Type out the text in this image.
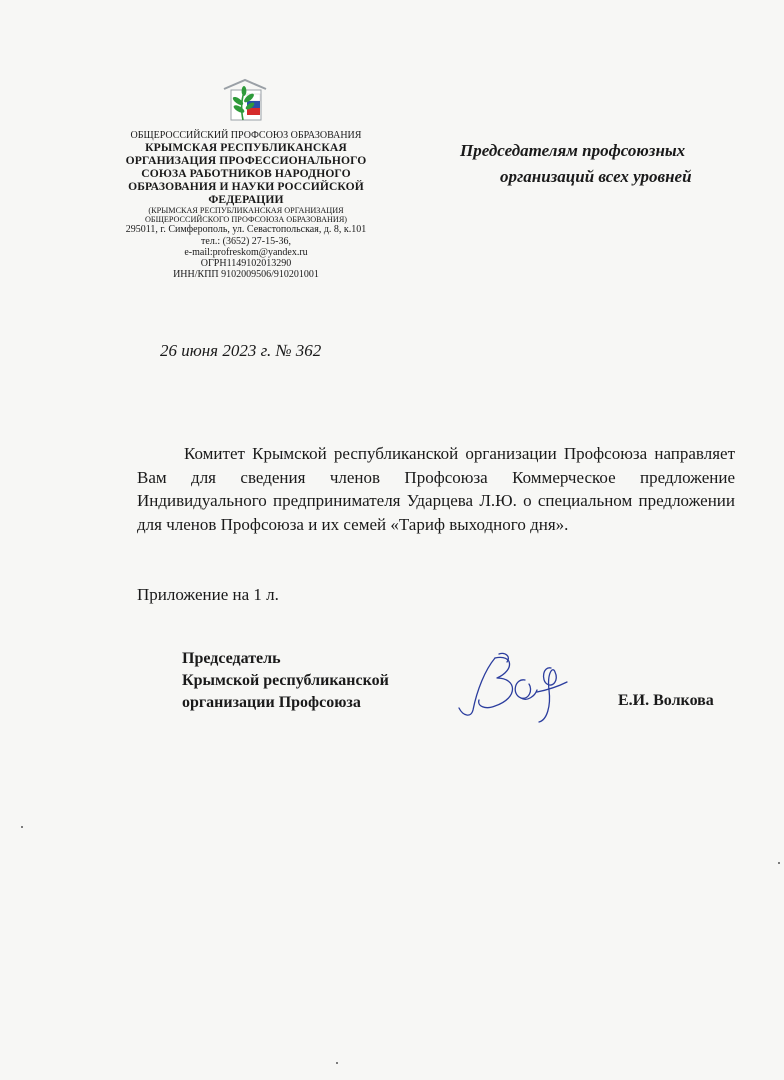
ОБЩЕРОССИЙСКИЙ ПРОФСОЮЗ ОБРАЗОВАНИЯ
КРЫМСКАЯ РЕСПУБЛИКАНСКАЯ
ОРГАНИЗАЦИЯ ПРОФЕССИОНАЛЬНОГО
СОЮЗА РАБОТНИКОВ НАРОДНОГО
ОБРАЗОВАНИЯ И НАУКИ РОССИЙСКОЙ
ФЕДЕРАЦИИ
(КРЫМСКАЯ РЕСПУБЛИКАНСКАЯ ОРГАНИЗАЦИЯ
ОБЩЕРОССИЙСКОГО ПРОФСОЮЗА ОБРАЗОВАНИЯ)
295011, г. Симферополь, ул. Севастопольская, д. 8, к.101
тел.: (3652) 27-15-36,
e-mail:profreskom@yandex.ru
ОГРН1149102013290
ИНН/КПП 9102009506/910201001
Председателям профсоюзных
организаций всех уровней
26 июня 2023 г. № 362
Комитет Крымской республиканской организации Профсоюза направляет Вам для сведения членов Профсоюза Коммерческое предложение Индивидуального предпринимателя Ударцева Л.Ю. о специальном предложении для членов Профсоюза и их семей «Тариф выходного дня».
Приложение на 1 л.
Председатель
Крымской республиканской
организации Профсоюза	Е.И. Волкова
